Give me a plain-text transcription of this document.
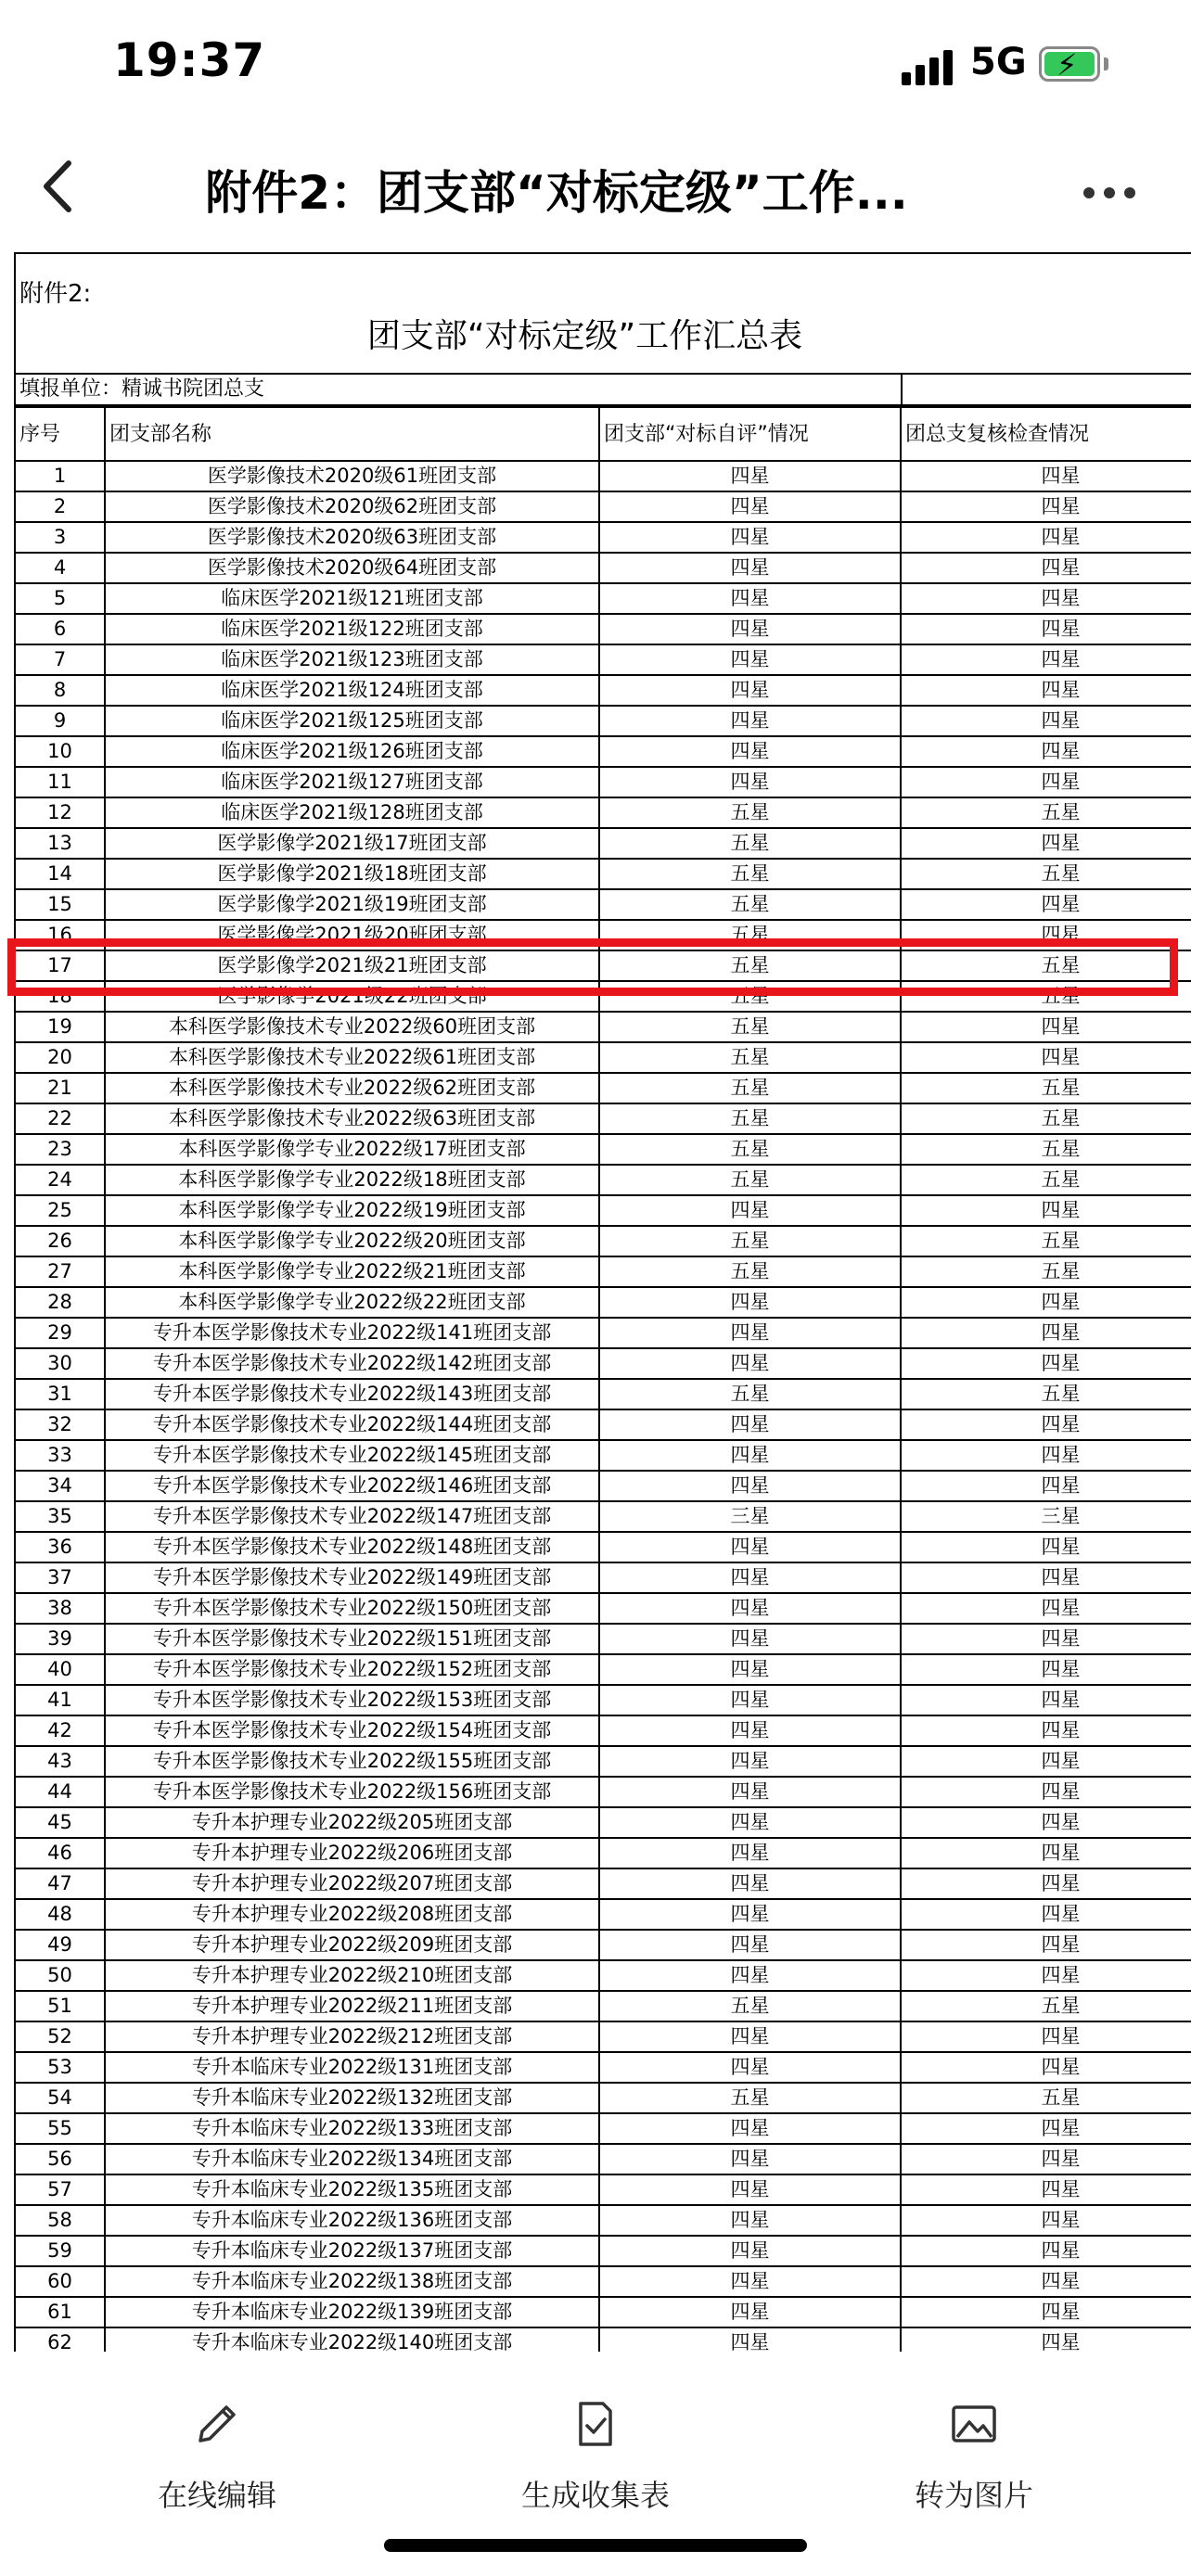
19:37	5G ⚡
附件2：团支部“对标定级”工作...
附件2:
团支部“对标定级”工作汇总表
填报单位：精诚书院团总支
序号	团支部名称	团支部“对标自评”情况	团总支复核检查情况
1	医学影像技术2020级61班团支部	四星	四星
2	医学影像技术2020级62班团支部	四星	四星
3	医学影像技术2020级63班团支部	四星	四星
4	医学影像技术2020级64班团支部	四星	四星
5	临床医学2021级121班团支部	四星	四星
6	临床医学2021级122班团支部	四星	四星
7	临床医学2021级123班团支部	四星	四星
8	临床医学2021级124班团支部	四星	四星
9	临床医学2021级125班团支部	四星	四星
10	临床医学2021级126班团支部	四星	四星
11	临床医学2021级127班团支部	四星	四星
12	临床医学2021级128班团支部	五星	五星
13	医学影像学2021级17班团支部	五星	四星
14	医学影像学2021级18班团支部	五星	五星
15	医学影像学2021级19班团支部	五星	四星
16	医学影像学2021级20班团支部	五星	四星
17	医学影像学2021级21班团支部	五星	五星
18	医学影像学2021级22班团支部	五星	五星
19	本科医学影像技术专业2022级60班团支部	五星	四星
20	本科医学影像技术专业2022级61班团支部	五星	四星
21	本科医学影像技术专业2022级62班团支部	五星	五星
22	本科医学影像技术专业2022级63班团支部	五星	五星
23	本科医学影像学专业2022级17班团支部	五星	五星
24	本科医学影像学专业2022级18班团支部	五星	五星
25	本科医学影像学专业2022级19班团支部	四星	四星
26	本科医学影像学专业2022级20班团支部	五星	五星
27	本科医学影像学专业2022级21班团支部	五星	五星
28	本科医学影像学专业2022级22班团支部	四星	四星
29	专升本医学影像技术专业2022级141班团支部	四星	四星
30	专升本医学影像技术专业2022级142班团支部	四星	四星
31	专升本医学影像技术专业2022级143班团支部	五星	五星
32	专升本医学影像技术专业2022级144班团支部	四星	四星
33	专升本医学影像技术专业2022级145班团支部	四星	四星
34	专升本医学影像技术专业2022级146班团支部	四星	四星
35	专升本医学影像技术专业2022级147班团支部	三星	三星
36	专升本医学影像技术专业2022级148班团支部	四星	四星
37	专升本医学影像技术专业2022级149班团支部	四星	四星
38	专升本医学影像技术专业2022级150班团支部	四星	四星
39	专升本医学影像技术专业2022级151班团支部	四星	四星
40	专升本医学影像技术专业2022级152班团支部	四星	四星
41	专升本医学影像技术专业2022级153班团支部	四星	四星
42	专升本医学影像技术专业2022级154班团支部	四星	四星
43	专升本医学影像技术专业2022级155班团支部	四星	四星
44	专升本医学影像技术专业2022级156班团支部	四星	四星
45	专升本护理专业2022级205班团支部	四星	四星
46	专升本护理专业2022级206班团支部	四星	四星
47	专升本护理专业2022级207班团支部	四星	四星
48	专升本护理专业2022级208班团支部	四星	四星
49	专升本护理专业2022级209班团支部	四星	四星
50	专升本护理专业2022级210班团支部	四星	四星
51	专升本护理专业2022级211班团支部	五星	五星
52	专升本护理专业2022级212班团支部	四星	四星
53	专升本临床专业2022级131班团支部	四星	四星
54	专升本临床专业2022级132班团支部	五星	五星
55	专升本临床专业2022级133班团支部	四星	四星
56	专升本临床专业2022级134班团支部	四星	四星
57	专升本临床专业2022级135班团支部	四星	四星
58	专升本临床专业2022级136班团支部	四星	四星
59	专升本临床专业2022级137班团支部	四星	四星
60	专升本临床专业2022级138班团支部	四星	四星
61	专升本临床专业2022级139班团支部	四星	四星
62	专升本临床专业2022级140班团支部	四星	四星
在线编辑	生成收集表	转为图片
